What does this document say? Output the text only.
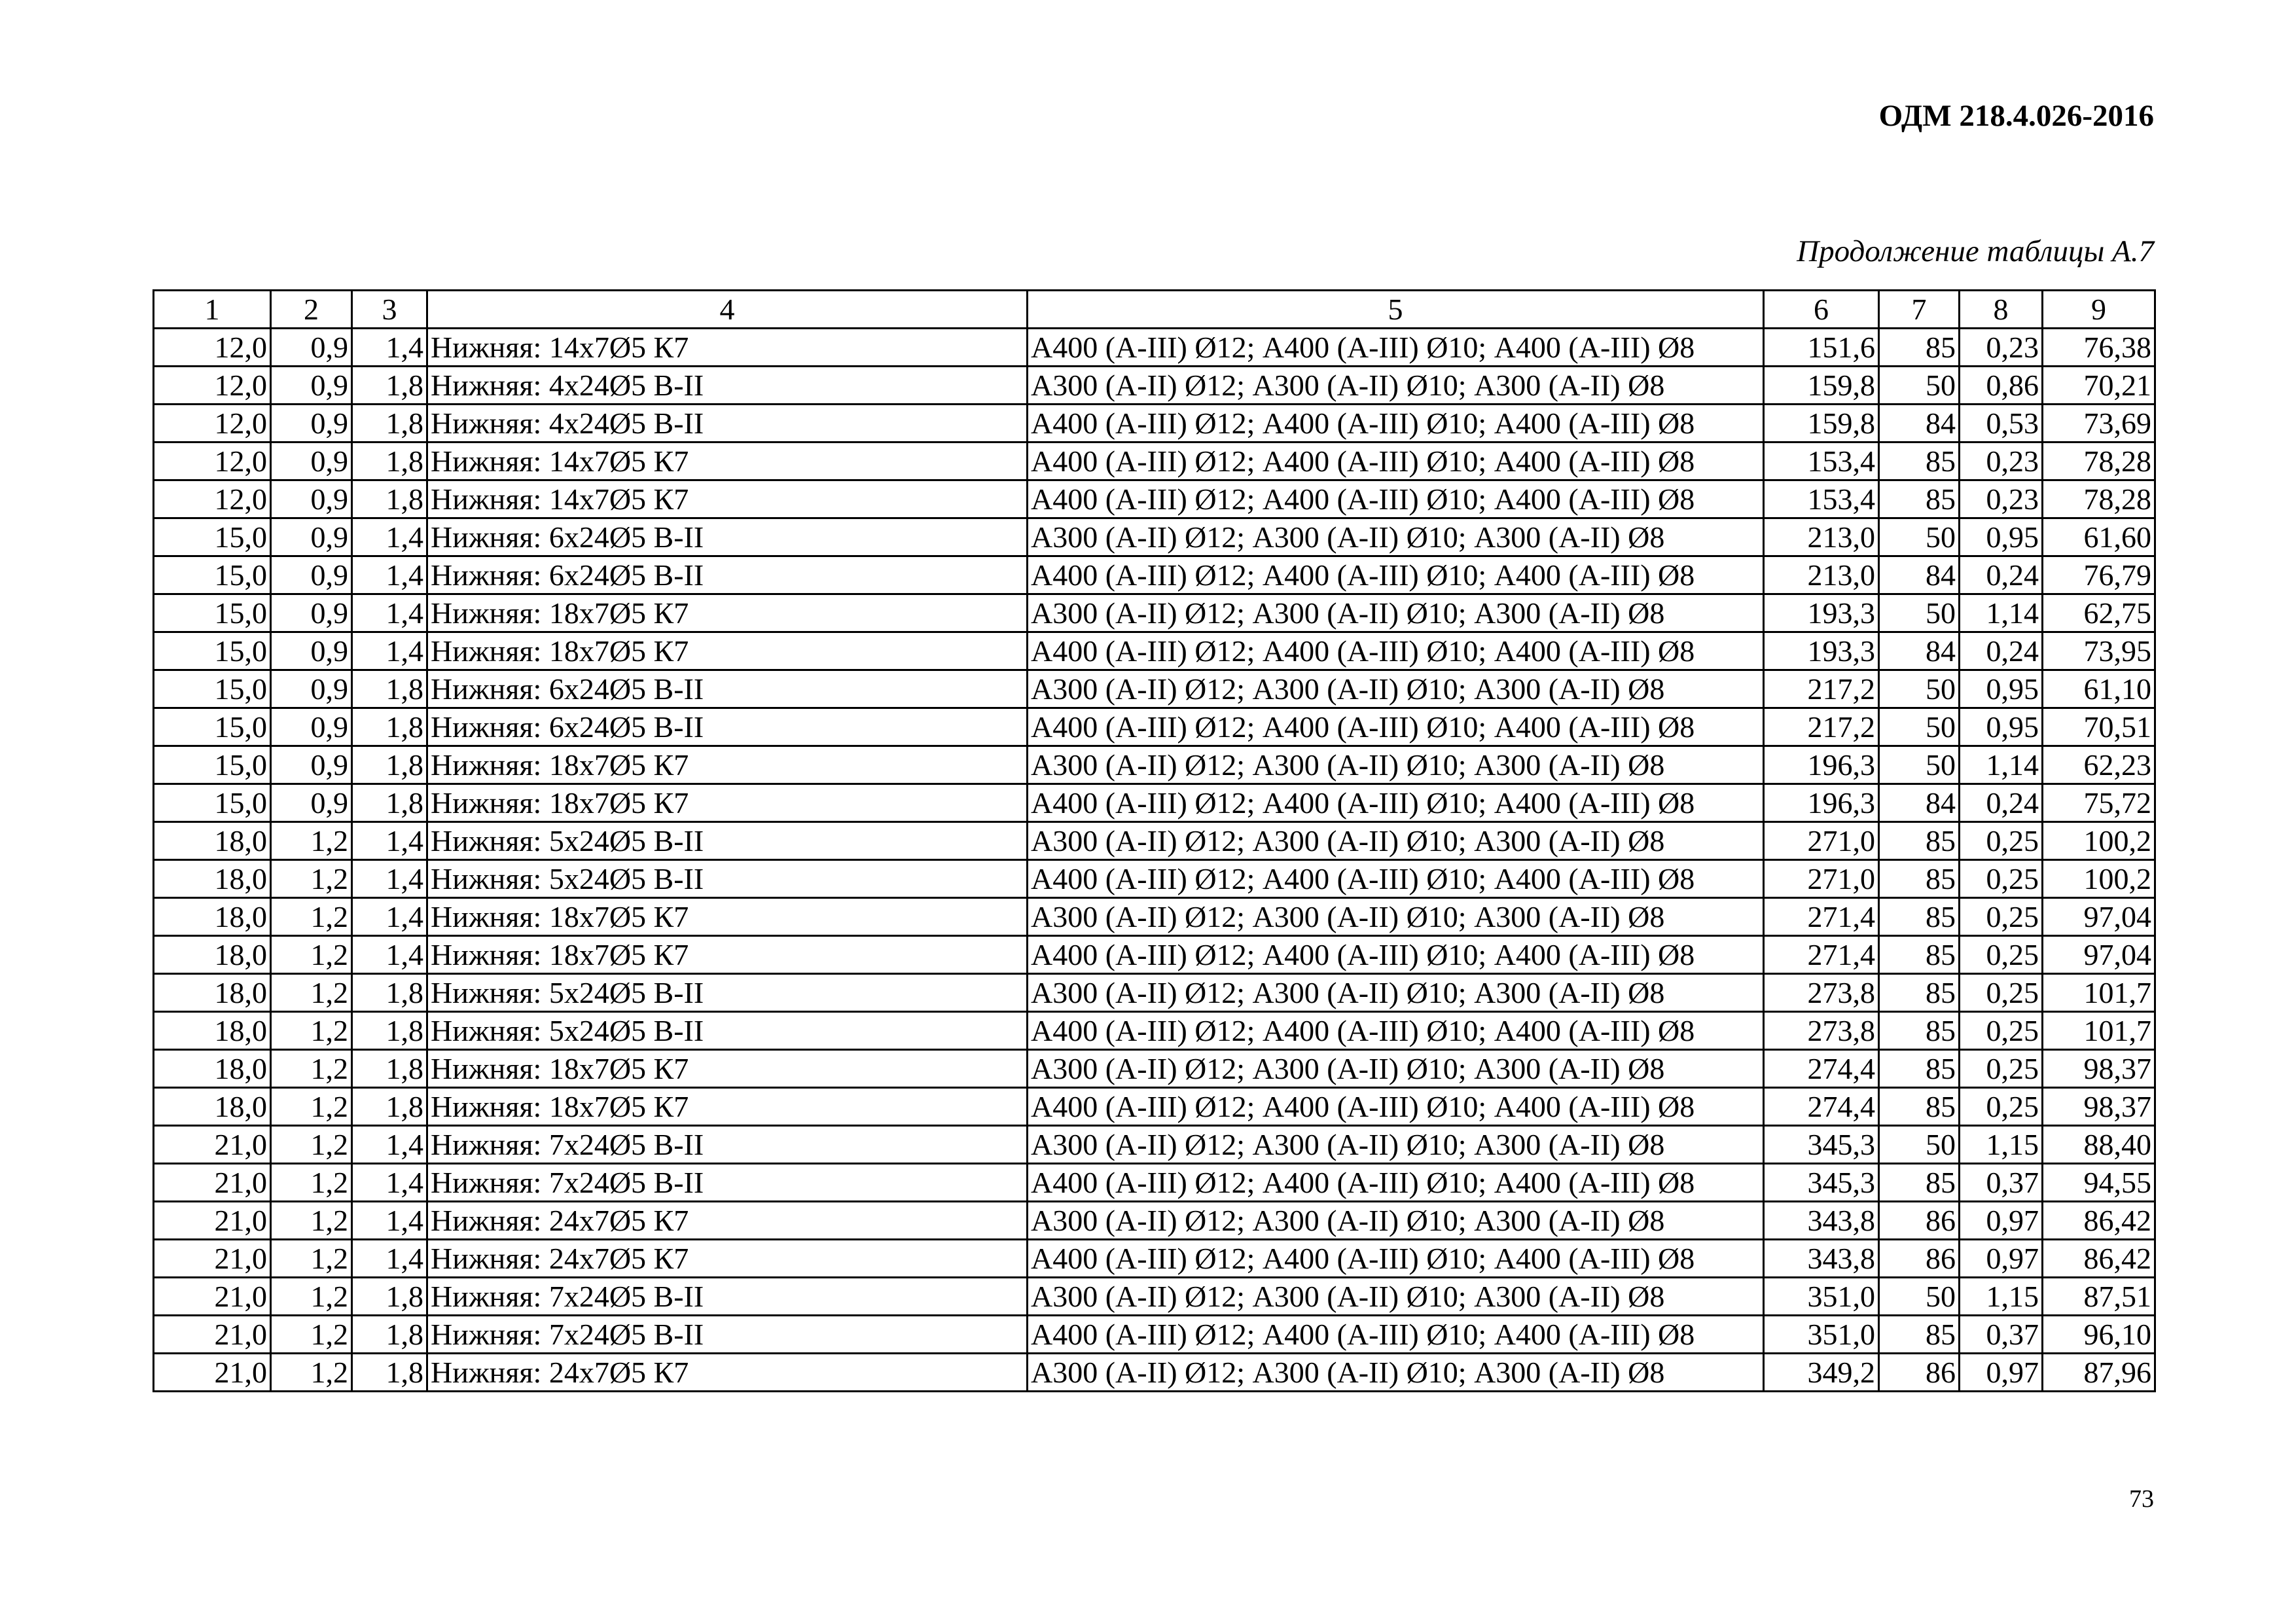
ОДМ 218.4.026-2016
Продолжение таблицы А.7
1	2	3	4	5	6	7	8	9
12,0	0,9	1,4	Нижняя: 14х7Ø5 К7	А400 (А-III) Ø12; А400 (А-III) Ø10; А400 (А-III) Ø8	151,6	85	0,23	76,38
12,0	0,9	1,8	Нижняя: 4х24Ø5 В-II	А300 (А-II) Ø12; А300 (А-II) Ø10; А300 (А-II) Ø8	159,8	50	0,86	70,21
12,0	0,9	1,8	Нижняя: 4х24Ø5 В-II	А400 (А-III) Ø12; А400 (А-III) Ø10; А400 (А-III) Ø8	159,8	84	0,53	73,69
12,0	0,9	1,8	Нижняя: 14х7Ø5 К7	А400 (А-III) Ø12; А400 (А-III) Ø10; А400 (А-III) Ø8	153,4	85	0,23	78,28
12,0	0,9	1,8	Нижняя: 14х7Ø5 К7	А400 (А-III) Ø12; А400 (А-III) Ø10; А400 (А-III) Ø8	153,4	85	0,23	78,28
15,0	0,9	1,4	Нижняя: 6х24Ø5 В-II	А300 (А-II) Ø12; А300 (А-II) Ø10; А300 (А-II) Ø8	213,0	50	0,95	61,60
15,0	0,9	1,4	Нижняя: 6х24Ø5 В-II	А400 (А-III) Ø12; А400 (А-III) Ø10; А400 (А-III) Ø8	213,0	84	0,24	76,79
15,0	0,9	1,4	Нижняя: 18х7Ø5 К7	А300 (А-II) Ø12; А300 (А-II) Ø10; А300 (А-II) Ø8	193,3	50	1,14	62,75
15,0	0,9	1,4	Нижняя: 18х7Ø5 К7	А400 (А-III) Ø12; А400 (А-III) Ø10; А400 (А-III) Ø8	193,3	84	0,24	73,95
15,0	0,9	1,8	Нижняя: 6х24Ø5 В-II	А300 (А-II) Ø12; А300 (А-II) Ø10; А300 (А-II) Ø8	217,2	50	0,95	61,10
15,0	0,9	1,8	Нижняя: 6х24Ø5 В-II	А400 (А-III) Ø12; А400 (А-III) Ø10; А400 (А-III) Ø8	217,2	50	0,95	70,51
15,0	0,9	1,8	Нижняя: 18х7Ø5 К7	А300 (А-II) Ø12; А300 (А-II) Ø10; А300 (А-II) Ø8	196,3	50	1,14	62,23
15,0	0,9	1,8	Нижняя: 18х7Ø5 К7	А400 (А-III) Ø12; А400 (А-III) Ø10; А400 (А-III) Ø8	196,3	84	0,24	75,72
18,0	1,2	1,4	Нижняя: 5х24Ø5 В-II	А300 (А-II) Ø12; А300 (А-II) Ø10; А300 (А-II) Ø8	271,0	85	0,25	100,2
18,0	1,2	1,4	Нижняя: 5х24Ø5 В-II	А400 (А-III) Ø12; А400 (А-III) Ø10; А400 (А-III) Ø8	271,0	85	0,25	100,2
18,0	1,2	1,4	Нижняя: 18х7Ø5 К7	А300 (А-II) Ø12; А300 (А-II) Ø10; А300 (А-II) Ø8	271,4	85	0,25	97,04
18,0	1,2	1,4	Нижняя: 18х7Ø5 К7	А400 (А-III) Ø12; А400 (А-III) Ø10; А400 (А-III) Ø8	271,4	85	0,25	97,04
18,0	1,2	1,8	Нижняя: 5х24Ø5 В-II	А300 (А-II) Ø12; А300 (А-II) Ø10; А300 (А-II) Ø8	273,8	85	0,25	101,7
18,0	1,2	1,8	Нижняя: 5х24Ø5 В-II	А400 (А-III) Ø12; А400 (А-III) Ø10; А400 (А-III) Ø8	273,8	85	0,25	101,7
18,0	1,2	1,8	Нижняя: 18х7Ø5 К7	А300 (А-II) Ø12; А300 (А-II) Ø10; А300 (А-II) Ø8	274,4	85	0,25	98,37
18,0	1,2	1,8	Нижняя: 18х7Ø5 К7	А400 (А-III) Ø12; А400 (А-III) Ø10; А400 (А-III) Ø8	274,4	85	0,25	98,37
21,0	1,2	1,4	Нижняя: 7х24Ø5 В-II	А300 (А-II) Ø12; А300 (А-II) Ø10; А300 (А-II) Ø8	345,3	50	1,15	88,40
21,0	1,2	1,4	Нижняя: 7х24Ø5 В-II	А400 (А-III) Ø12; А400 (А-III) Ø10; А400 (А-III) Ø8	345,3	85	0,37	94,55
21,0	1,2	1,4	Нижняя: 24х7Ø5 К7	А300 (А-II) Ø12; А300 (А-II) Ø10; А300 (А-II) Ø8	343,8	86	0,97	86,42
21,0	1,2	1,4	Нижняя: 24х7Ø5 К7	А400 (А-III) Ø12; А400 (А-III) Ø10; А400 (А-III) Ø8	343,8	86	0,97	86,42
21,0	1,2	1,8	Нижняя: 7х24Ø5 В-II	А300 (А-II) Ø12; А300 (А-II) Ø10; А300 (А-II) Ø8	351,0	50	1,15	87,51
21,0	1,2	1,8	Нижняя: 7х24Ø5 В-II	А400 (А-III) Ø12; А400 (А-III) Ø10; А400 (А-III) Ø8	351,0	85	0,37	96,10
21,0	1,2	1,8	Нижняя: 24х7Ø5 К7	А300 (А-II) Ø12; А300 (А-II) Ø10; А300 (А-II) Ø8	349,2	86	0,97	87,96
73
